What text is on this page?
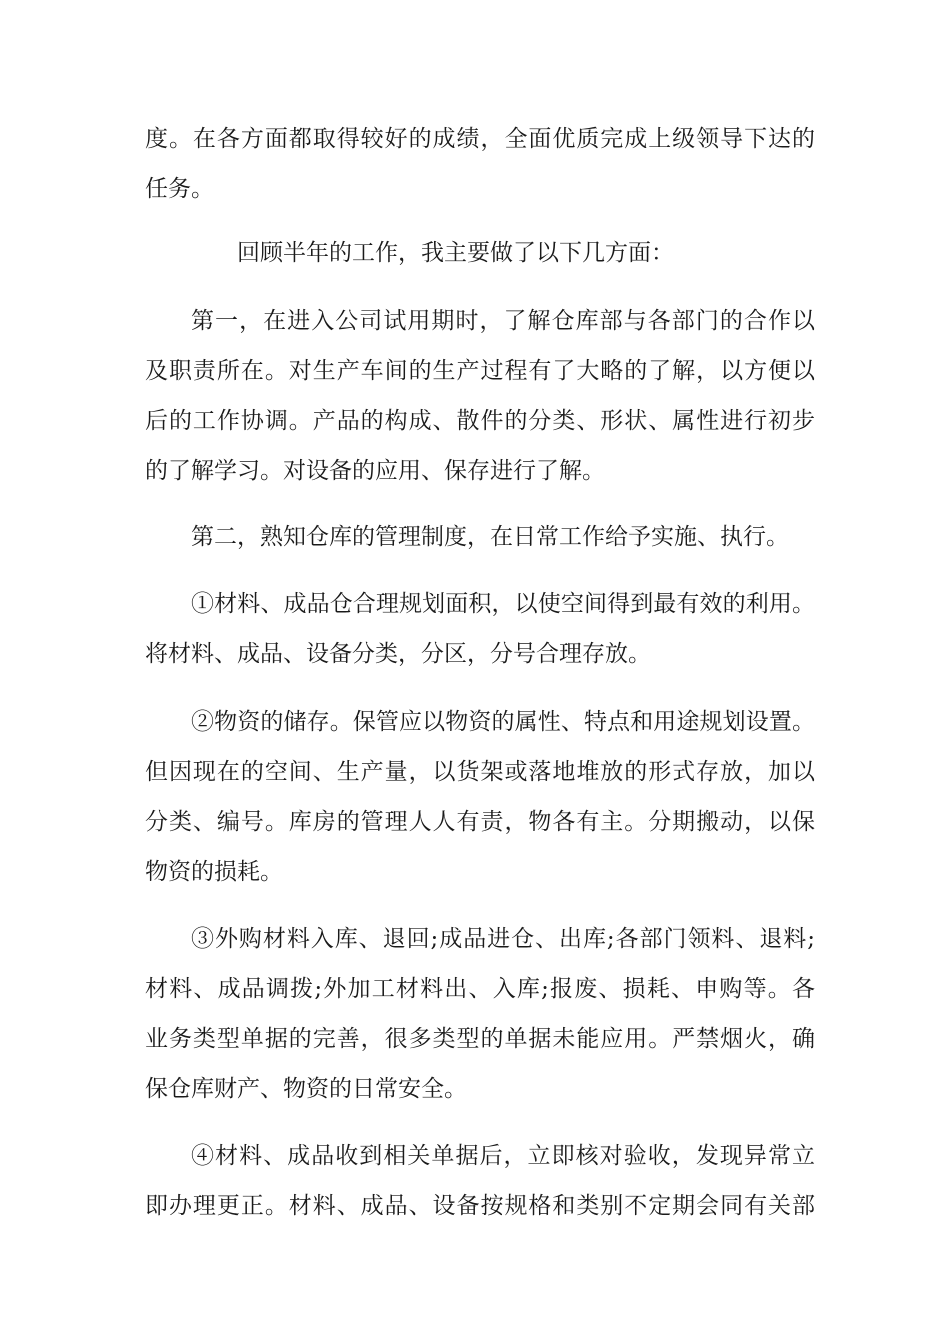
度。在各方面都取得较好的成绩，全面优质完成上级领导下达的
任务。
回顾半年的工作，我主要做了以下几方面：
第一，在进入公司试用期时，了解仓库部与各部门的合作以
及职责所在。对生产车间的生产过程有了大略的了解，以方便以
后的工作协调。产品的构成、散件的分类、形状、属性进行初步
的了解学习。对设备的应用、保存进行了解。
第二，熟知仓库的管理制度，在日常工作给予实施、执行。
①材料、成品仓合理规划面积，以使空间得到最有效的利用。
将材料、成品、设备分类，分区，分号合理存放。
②物资的储存。保管应以物资的属性、特点和用途规划设置。
但因现在的空间、生产量，以货架或落地堆放的形式存放，加以
分类、编号。库房的管理人人有责，物各有主。分期搬动，以保
物资的损耗。
③外购材料入库、退回;成品进仓、出库;各部门领料、退料;
材料、成品调拨;外加工材料出、入库;报废、损耗、申购等。各
业务类型单据的完善，很多类型的单据未能应用。严禁烟火，确
保仓库财产、物资的日常安全。
④材料、成品收到相关单据后，立即核对验收，发现异常立
即办理更正。材料、成品、设备按规格和类别不定期会同有关部
